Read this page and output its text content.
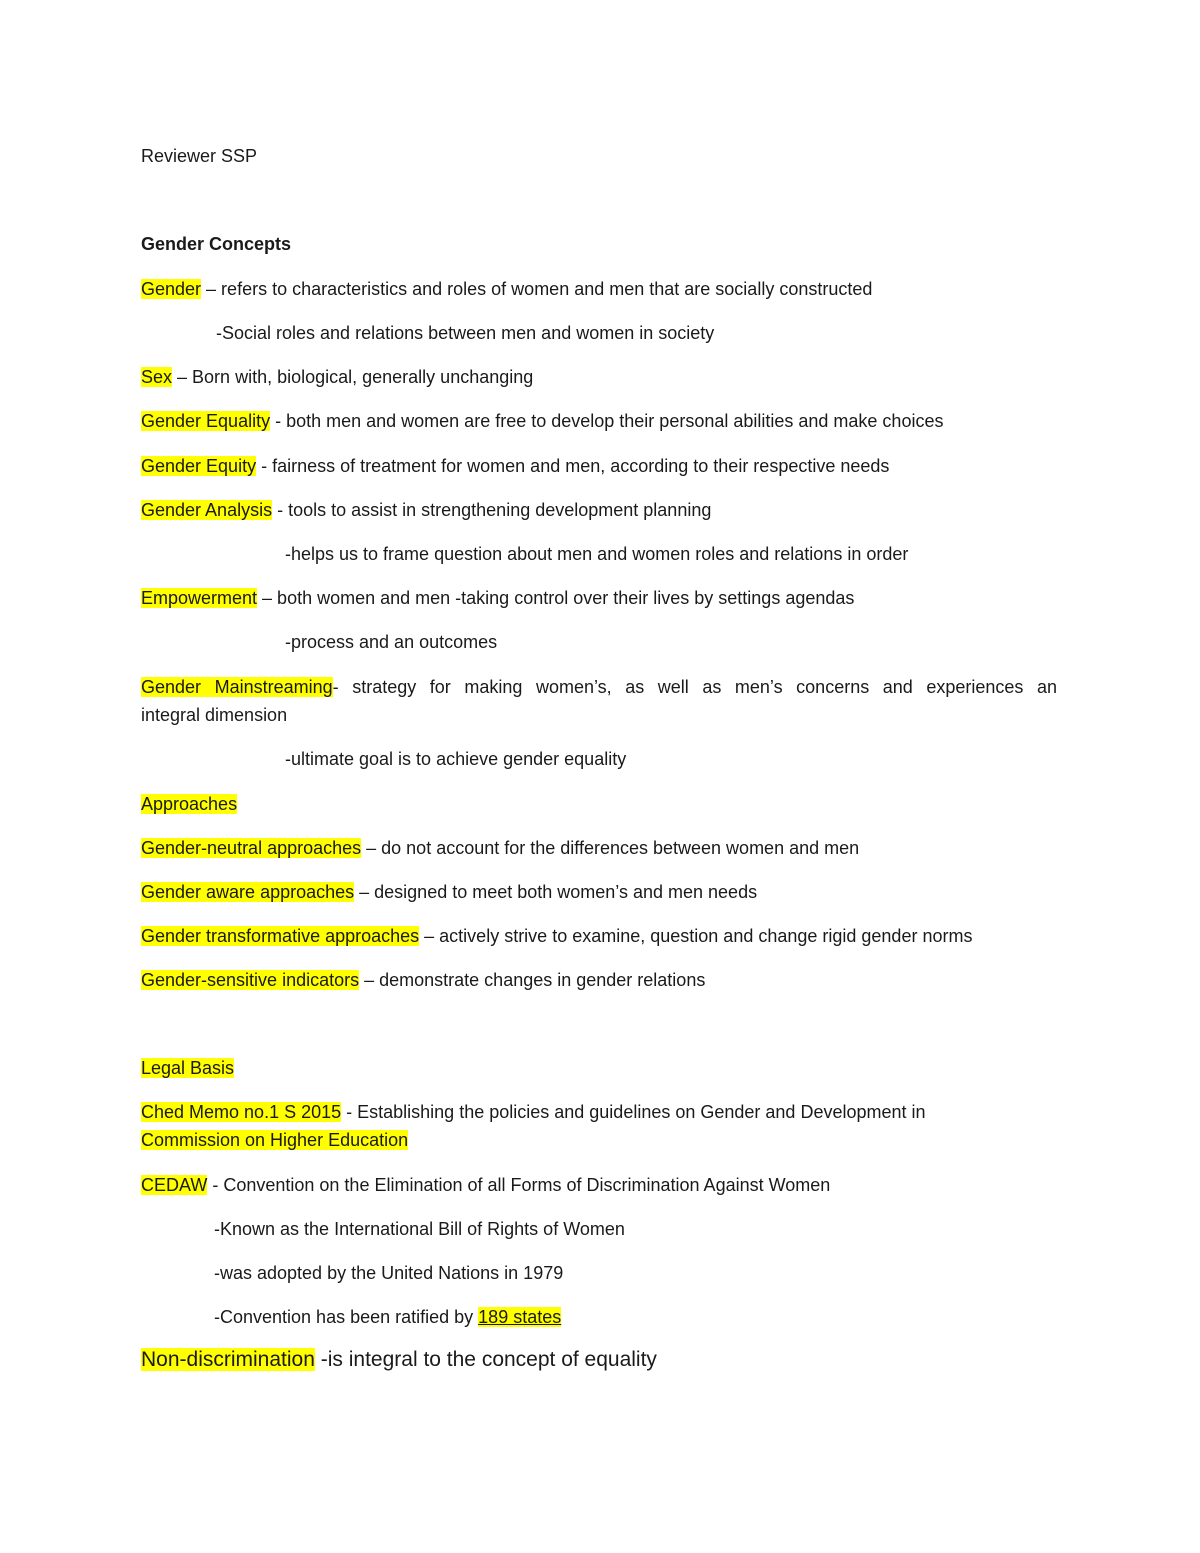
Reviewer SSP

Gender Concepts

Gender – refers to characteristics and roles of women and men that are socially constructed

-Social roles and relations between men and women in society

Sex – Born with, biological, generally unchanging

Gender Equality - both men and women are free to develop their personal abilities and make choices

Gender Equity - fairness of treatment for women and men, according to their respective needs

Gender Analysis - tools to assist in strengthening development planning

-helps us to frame question about men and women roles and relations in order

Empowerment – both women and men -taking control over their lives by settings agendas

-process and an outcomes

Gender Mainstreaming- strategy for making women’s, as well as men’s concerns and experiences an

integral dimension

-ultimate goal is to achieve gender equality

Approaches

Gender-neutral approaches – do not account for the differences between women and men

Gender aware approaches – designed to meet both women’s and men needs

Gender transformative approaches – actively strive to examine, question and change rigid gender norms

Gender-sensitive indicators – demonstrate changes in gender relations

Legal Basis

Ched Memo no.1 S 2015 - Establishing the policies and guidelines on Gender and Development in

Commission on Higher Education

CEDAW - Convention on the Elimination of all Forms of Discrimination Against Women

-Known as the International Bill of Rights of Women

-was adopted by the United Nations in 1979

-Convention has been ratified by 189 states

Non-discrimination -is integral to the concept of equality
